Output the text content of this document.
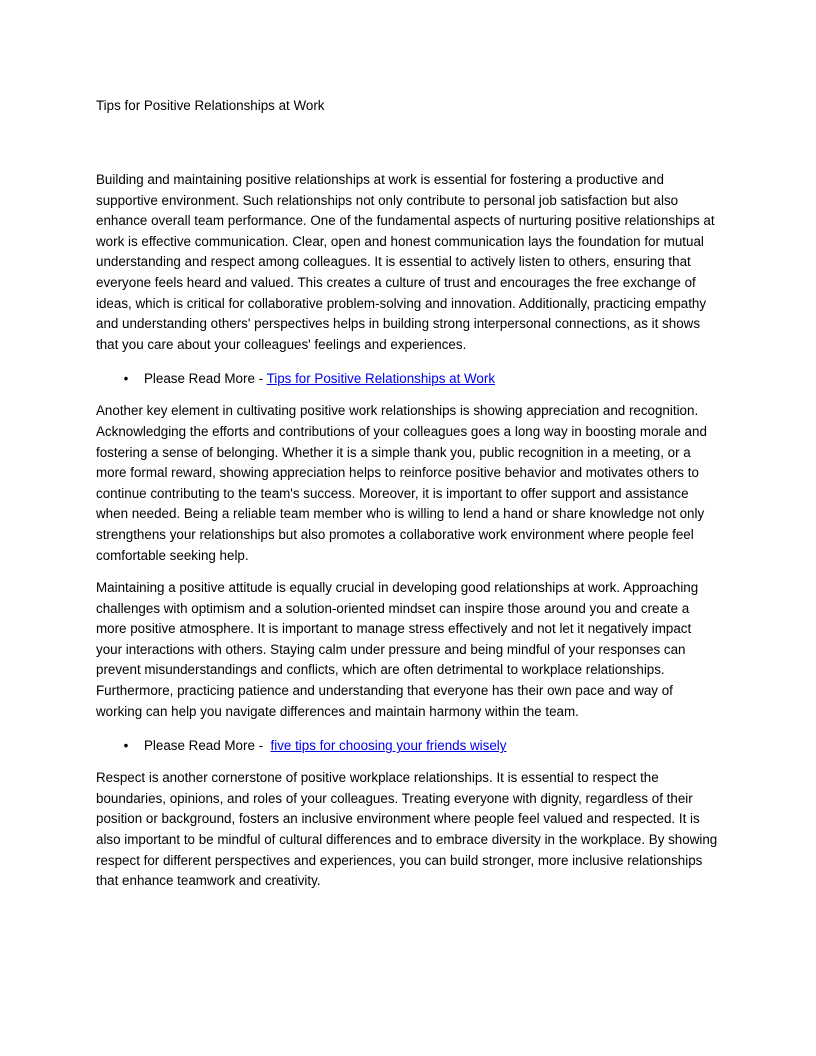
Tips for Positive Relationships at Work

Building and maintaining positive relationships at work is essential for fostering a productive and supportive environment. Such relationships not only contribute to personal job satisfaction but also enhance overall team performance. One of the fundamental aspects of nurturing positive relationships at work is effective communication. Clear, open and honest communication lays the foundation for mutual understanding and respect among colleagues. It is essential to actively listen to others, ensuring that everyone feels heard and valued. This creates a culture of trust and encourages the free exchange of ideas, which is critical for collaborative problem-solving and innovation. Additionally, practicing empathy and understanding others' perspectives helps in building strong interpersonal connections, as it shows that you care about your colleagues' feelings and experiences.

• Please Read More - Tips for Positive Relationships at Work

Another key element in cultivating positive work relationships is showing appreciation and recognition. Acknowledging the efforts and contributions of your colleagues goes a long way in boosting morale and fostering a sense of belonging. Whether it is a simple thank you, public recognition in a meeting, or a more formal reward, showing appreciation helps to reinforce positive behavior and motivates others to continue contributing to the team's success. Moreover, it is important to offer support and assistance when needed. Being a reliable team member who is willing to lend a hand or share knowledge not only strengthens your relationships but also promotes a collaborative work environment where people feel comfortable seeking help.

Maintaining a positive attitude is equally crucial in developing good relationships at work. Approaching challenges with optimism and a solution-oriented mindset can inspire those around you and create a more positive atmosphere. It is important to manage stress effectively and not let it negatively impact your interactions with others. Staying calm under pressure and being mindful of your responses can prevent misunderstandings and conflicts, which are often detrimental to workplace relationships. Furthermore, practicing patience and understanding that everyone has their own pace and way of working can help you navigate differences and maintain harmony within the team.

• Please Read More -  five tips for choosing your friends wisely

Respect is another cornerstone of positive workplace relationships. It is essential to respect the boundaries, opinions, and roles of your colleagues. Treating everyone with dignity, regardless of their position or background, fosters an inclusive environment where people feel valued and respected. It is also important to be mindful of cultural differences and to embrace diversity in the workplace. By showing respect for different perspectives and experiences, you can build stronger, more inclusive relationships that enhance teamwork and creativity.
